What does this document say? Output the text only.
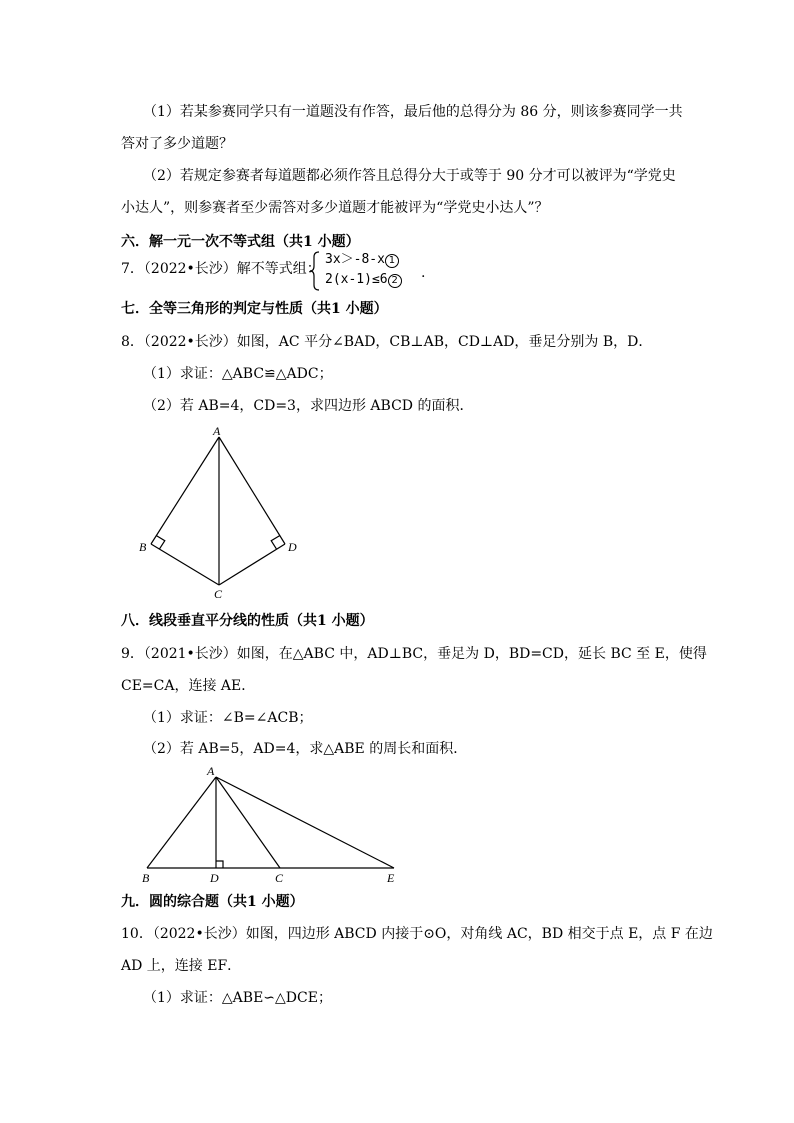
（1）若某参赛同学只有一道题没有作答，最后他的总得分为 86 分，则该参赛同学一共
答对了多少道题？
（2）若规定参赛者每道题都必须作答且总得分大于或等于 90 分才可以被评为“学党史
小达人”，则参赛者至少需答对多少道题才能被评为“学党史小达人”？
六．解一元一次不等式组（共1 小题）
7．（2022•长沙）解不等式组：
3x＞-8-x 1
2(x-1)≤6 2 .
七．全等三角形的判定与性质（共1 小题）
8．（2022•长沙）如图，AC 平分∠BAD，CB⊥AB，CD⊥AD，垂足分别为 B，D．
（1）求证：△ABC≌△ADC；
（2）若 AB=4，CD=3，求四边形 ABCD 的面积．
A
B	D
C
八．线段垂直平分线的性质（共1 小题）
9．（2021•长沙）如图，在△ABC 中，AD⊥BC，垂足为 D，BD=CD，延长 BC 至 E，使得
CE=CA，连接 AE．
（1）求证：∠B=∠ACB；
（2）若 AB=5，AD=4，求△ABE 的周长和面积．
A
B	D	C	E
九．圆的综合题（共1 小题）
10．（2022•长沙）如图，四边形 ABCD 内接于⊙O，对角线 AC，BD 相交于点 E，点 F 在边
AD 上，连接 EF．
（1）求证：△ABE∽△DCE；
